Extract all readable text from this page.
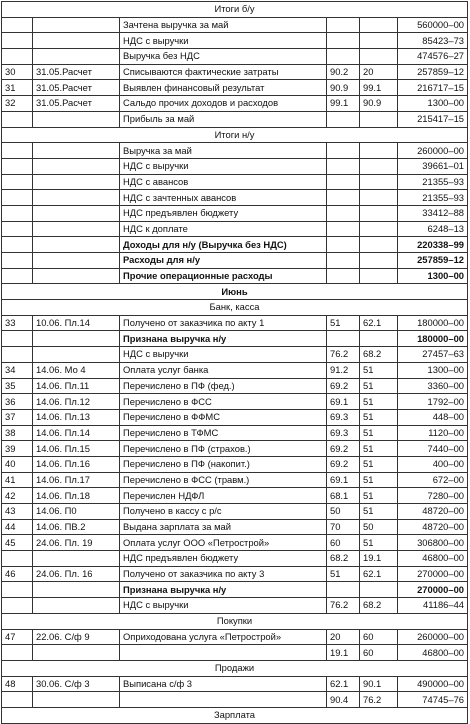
Итоги б/у					
		Зачтена выручка за май			560000–00
		НДС с выручки			85423–73
		Выручка без НДС			474576–27
30	31.05.Расчет	Списываются фактические затраты	90.2	20	257859–12
31	31.05.Расчет	Выявлен финансовый результат	90.9	99.1	216717–15
32	31.05.Расчет	Сальдо прочих доходов и расходов	99.1	90.9	1300–00
		Прибыль за май			215417–15
Итоги н/у					
		Выручка за май			260000–00
		НДС с выручки			39661–01
		НДС с авансов			21355–93
		НДС с зачтенных авансов			21355–93
		НДС предъявлен бюджету			33412–88
		НДС к доплате			6248–13
		Доходы для н/у (Выручка без НДС)			220338–99
		Расходы для н/у			257859–12
		Прочие операционные расходы			1300–00
Июнь					
Банк, касса					
33	10.06. Пл.14	Получено от заказчика по акту 1	51	62.1	180000–00
		Признана выручка н/у			180000–00
		НДС с выручки	76.2	68.2	27457–63
34	14.06. Мо 4	Оплата услуг банка	91.2	51	1300–00
35	14.06. Пл.11	Перечислено в ПФ (фед.)	69.2	51	3360–00
36	14.06. Пл.12	Перечислено в ФСС	69.1	51	1792–00
37	14.06. Пл.13	Перечислено в ФФМС	69.3	51	448–00
38	14.06. Пл.14	Перечислено в ТФМС	69.3	51	1120–00
39	14.06. Пл.15	Перечислено в ПФ (страхов.)	69.2	51	7440–00
40	14.06. Пл.16	Перечислено в ПФ (накопит.)	69.2	51	400–00
41	14.06. Пл.17	Перечислено в ФСС (травм.)	69.1	51	672–00
42	14.06. Пл.18	Перечислен НДФЛ	68.1	51	7280–00
43	14.06. П0	Получено в кассу с р/с	50	51	48720–00
44	14.06. ПВ.2	Выдана зарплата за май	70	50	48720–00
45	24.06. Пл. 19	Оплата услуг ООО «Петрострой»	60	51	306800–00
		НДС предъявлен бюджету	68.2	19.1	46800–00
46	24.06. Пл. 16	Получено от заказчика по акту 3	51	62.1	270000–00
		Признана выручка н/у			270000–00
		НДС с выручки	76.2	68.2	41186–44
Покупки					
47	22.06. С/ф 9	Оприходована услуга «Петрострой»	20	60	260000–00
			19.1	60	46800–00
Продажи					
48	30.06. С/ф 3	Выписана с/ф 3	62.1	90.1	490000–00
			90.4	76.2	74745–76
Зарплата					
